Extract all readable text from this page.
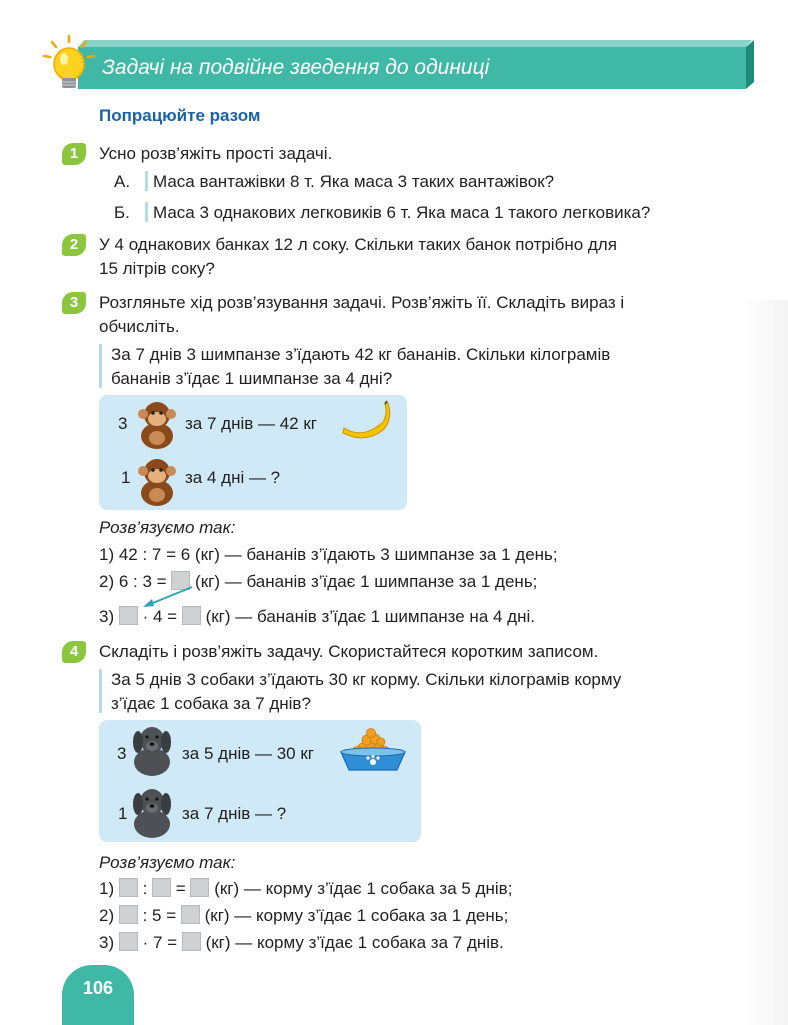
Задачі на подвійне зведення до одиниці
Попрацюйте разом
1	Усно розв’яжіть прості задачі.
А. Маса вантажівки 8 т. Яка маса 3 таких вантажівок?
Б. Маса 3 однакових легковиків 6 т. Яка маса 1 такого легковика?
2	У 4 однакових банках 12 л соку. Скільки таких банок потрібно для
15 літрів соку?
3	Розгляньте хід розв’язування задачі. Розв’яжіть її. Складіть вираз і
обчисліть.
За 7 днів 3 шимпанзе з’їдають 42 кг бананів. Скільки кілограмів
бананів з’їдає 1 шимпанзе за 4 дні?
3	за 7 днів — 42 кг
1	за 4 дні — ?
Розв’язуємо так:
1) 42 : 7 = 6 (кг) — бананів з’їдають 3 шимпанзе за 1 день;
2) 6 : 3 = (кг) — бананів з’їдає 1 шимпанзе за 1 день;
3) · 4 = (кг) — бананів з’їдає 1 шимпанзе на 4 дні.
4	Складіть і розв’яжіть задачу. Скористайтеся коротким записом.
За 5 днів 3 собаки з’їдають 30 кг корму. Скільки кілограмів корму
з’їдає 1 собака за 7 днів?
3	за 5 днів — 30 кг
1	за 7 днів — ?
Розв’язуємо так:
1) : = (кг) — корму з’їдає 1 собака за 5 днів;
2) : 5 = (кг) — корму з’їдає 1 собака за 1 день;
3) · 7 = (кг) — корму з’їдає 1 собака за 7 днів.
106
